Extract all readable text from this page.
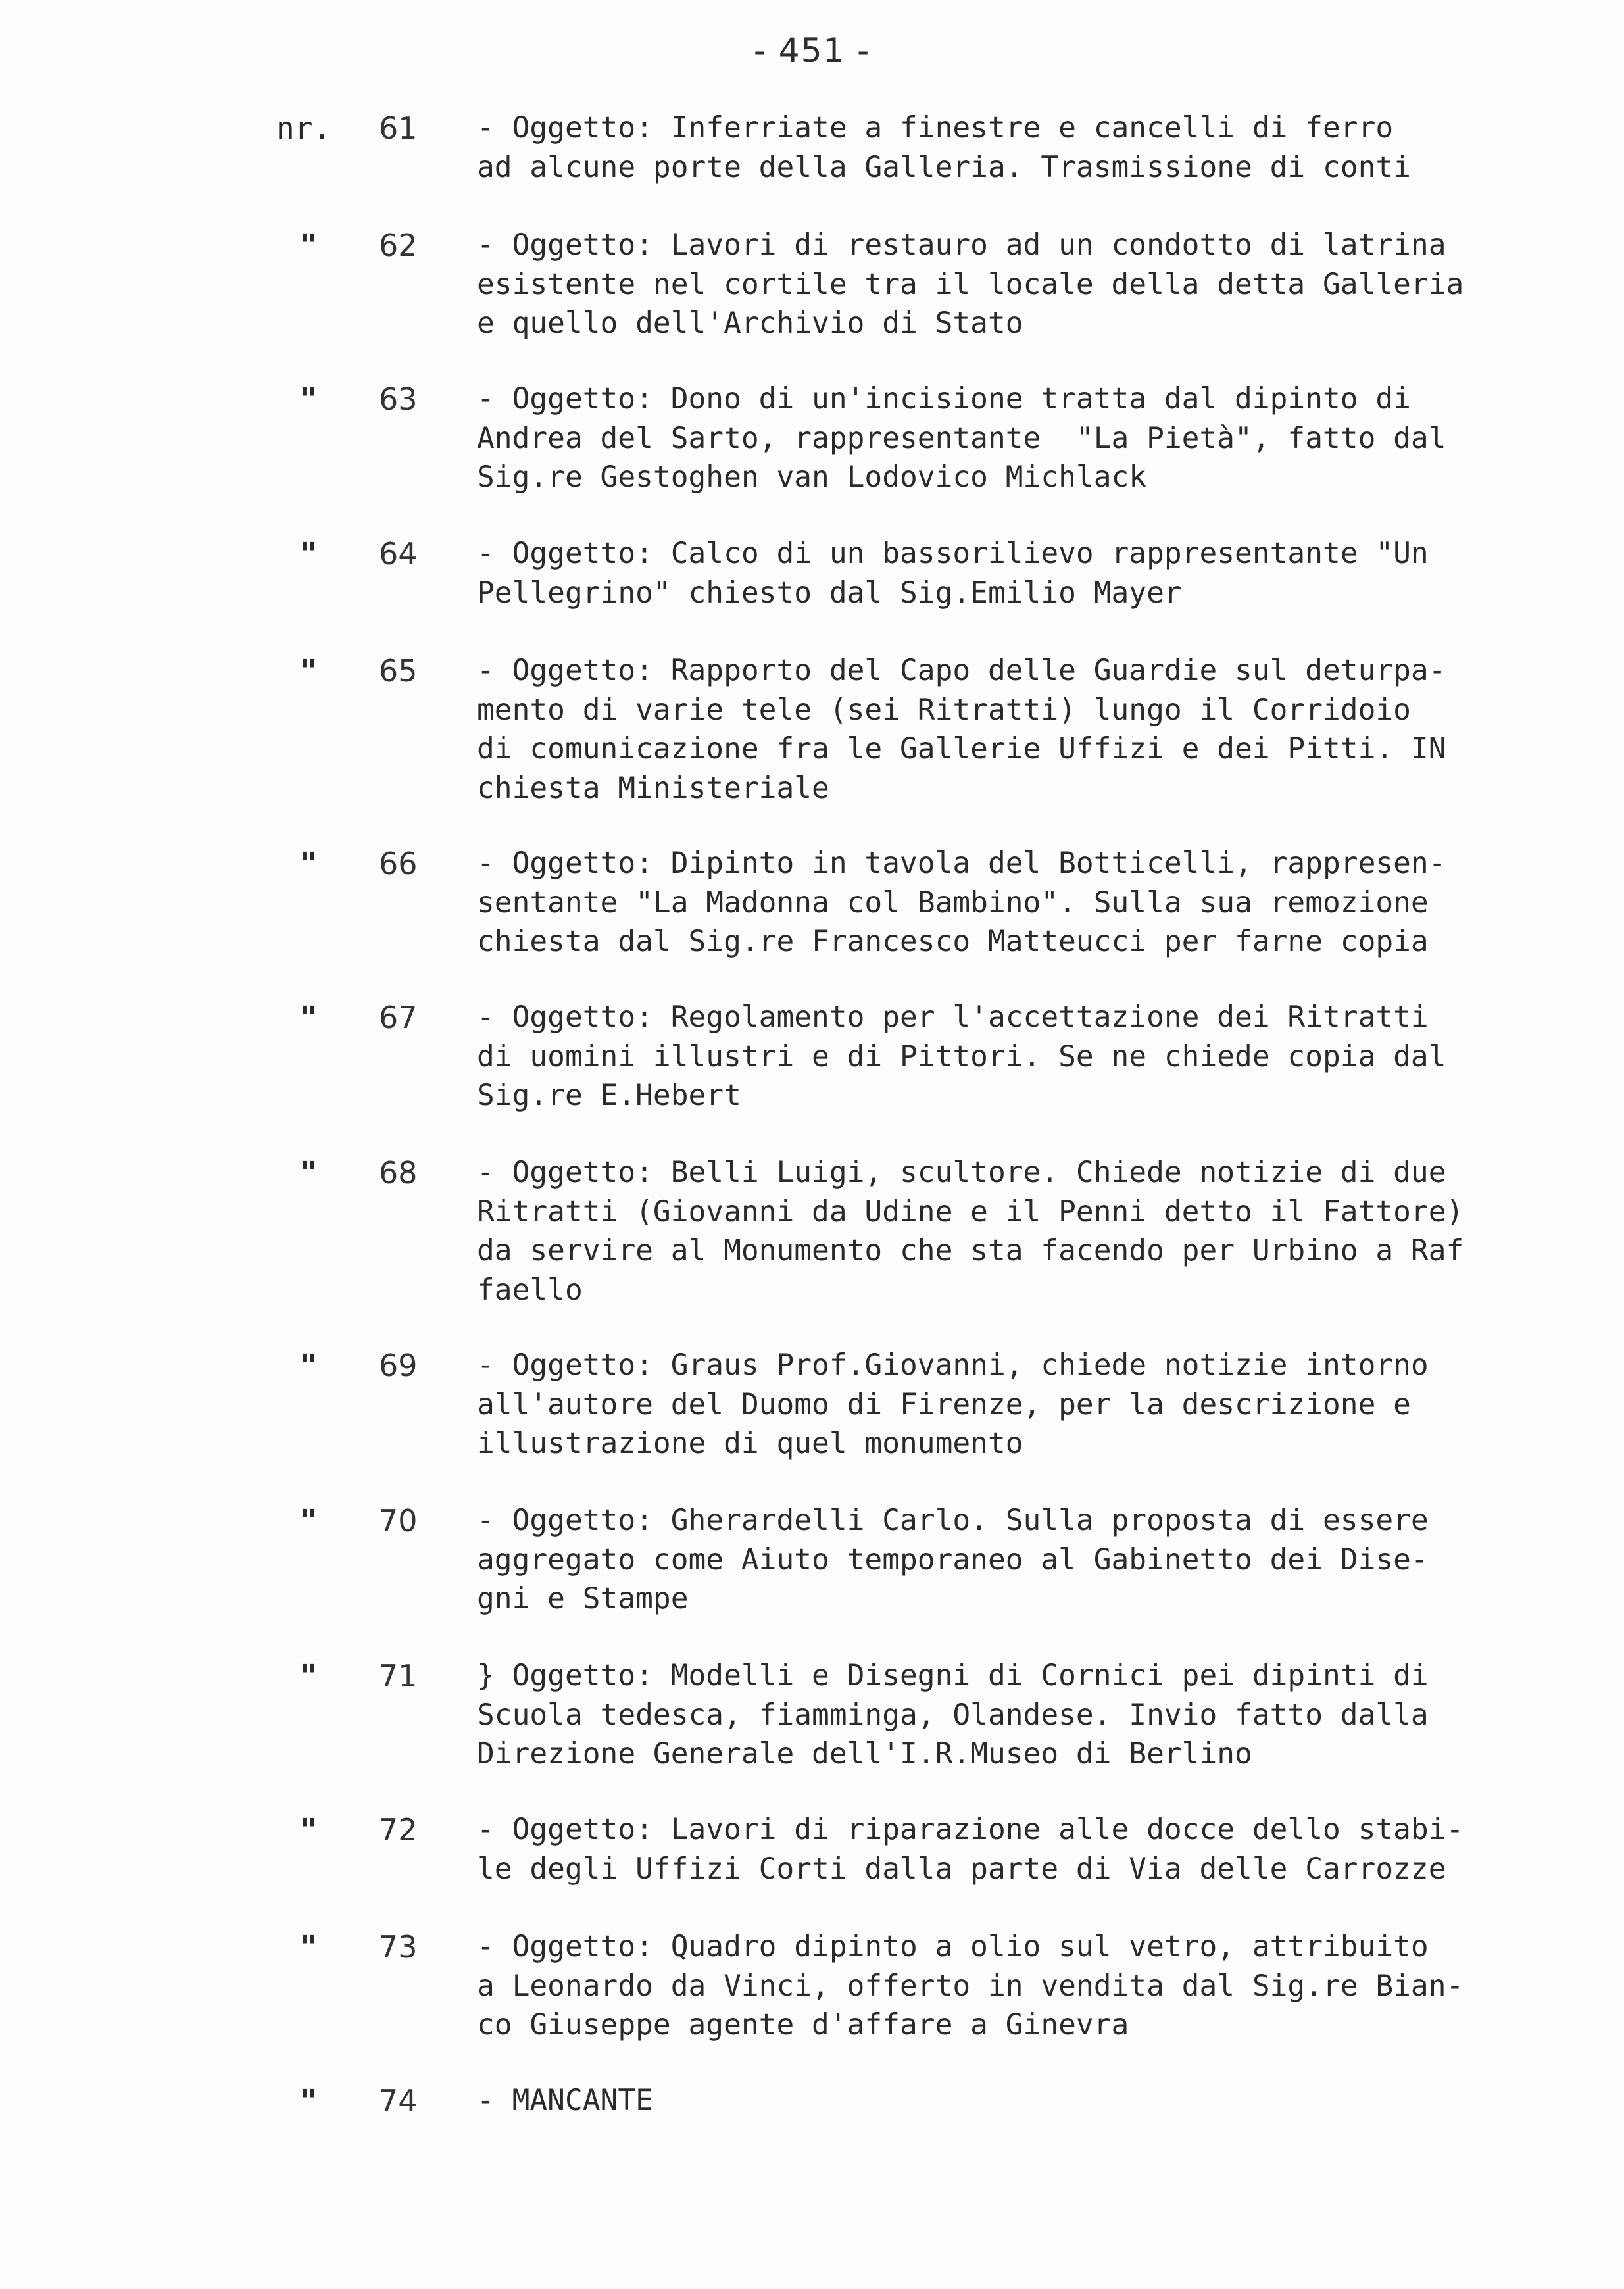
- 451 -
nr. 61	- Oggetto: Inferriate a finestre e cancelli di ferro
ad alcune porte della Galleria. Trasmissione di conti
" 62	- Oggetto: Lavori di restauro ad un condotto di latrina
esistente nel cortile tra il locale della detta Galleria
e quello dell'Archivio di Stato
" 63	- Oggetto: Dono di un'incisione tratta dal dipinto di
Andrea del Sarto, rappresentante  "La Pietà", fatto dal
Sig.re Gestoghen van Lodovico Michlack
" 64	- Oggetto: Calco di un bassorilievo rappresentante "Un
Pellegrino" chiesto dal Sig.Emilio Mayer
" 65	- Oggetto: Rapporto del Capo delle Guardie sul deturpa-
mento di varie tele (sei Ritratti) lungo il Corridoio
di comunicazione fra le Gallerie Uffizi e dei Pitti. IN
chiesta Ministeriale
" 66	- Oggetto: Dipinto in tavola del Botticelli, rappresen-
sentante "La Madonna col Bambino". Sulla sua remozione
chiesta dal Sig.re Francesco Matteucci per farne copia
" 67	- Oggetto: Regolamento per l'accettazione dei Ritratti
di uomini illustri e di Pittori. Se ne chiede copia dal
Sig.re E.Hebert
" 68	- Oggetto: Belli Luigi, scultore. Chiede notizie di due
Ritratti (Giovanni da Udine e il Penni detto il Fattore)
da servire al Monumento che sta facendo per Urbino a Raf
faello
" 69	- Oggetto: Graus Prof.Giovanni, chiede notizie intorno
all'autore del Duomo di Firenze, per la descrizione e
illustrazione di quel monumento
" 70	- Oggetto: Gherardelli Carlo. Sulla proposta di essere
aggregato come Aiuto temporaneo al Gabinetto dei Dise-
gni e Stampe
" 71	} Oggetto: Modelli e Disegni di Cornici pei dipinti di
Scuola tedesca, fiamminga, Olandese. Invio fatto dalla
Direzione Generale dell'I.R.Museo di Berlino
" 72	- Oggetto: Lavori di riparazione alle docce dello stabi-
le degli Uffizi Corti dalla parte di Via delle Carrozze
" 73	- Oggetto: Quadro dipinto a olio sul vetro, attribuito
a Leonardo da Vinci, offerto in vendita dal Sig.re Bian-
co Giuseppe agente d'affare a Ginevra
" 74	- MANCANTE
